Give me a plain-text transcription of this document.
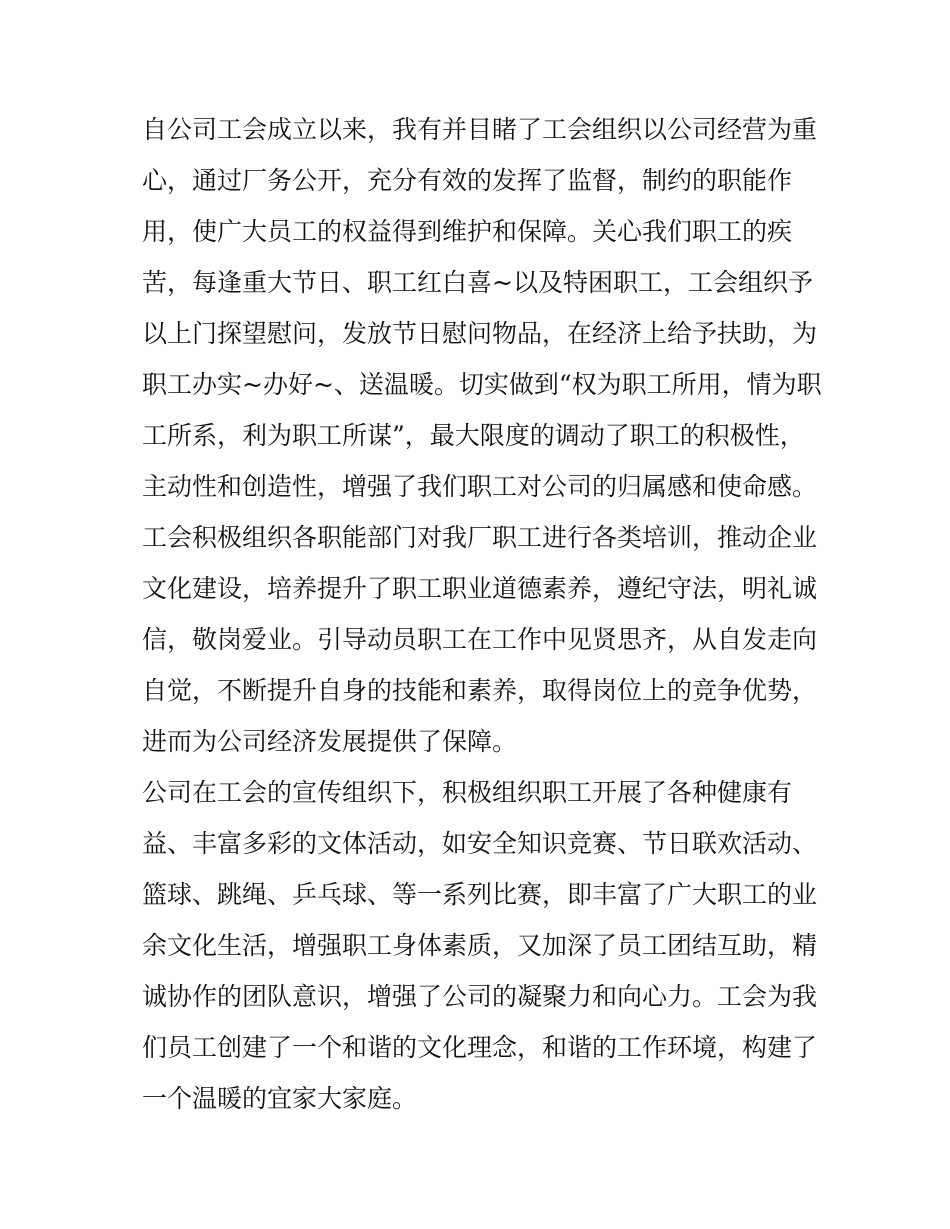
自公司工会成立以来，我有并目睹了工会组织以公司经营为重
心，通过厂务公开，充分有效的发挥了监督，制约的职能作
用，使广大员工的权益得到维护和保障。关心我们职工的疾
苦，每逢重大节日、职工红白喜~以及特困职工，工会组织予
以上门探望慰问，发放节日慰问物品，在经济上给予扶助，为
职工办实~办好~、送温暖。切实做到“权为职工所用，情为职
工所系，利为职工所谋”，最大限度的调动了职工的积极性，
主动性和创造性，增强了我们职工对公司的归属感和使命感。
工会积极组织各职能部门对我厂职工进行各类培训，推动企业
文化建设，培养提升了职工职业道德素养，遵纪守法，明礼诚
信，敬岗爱业。引导动员职工在工作中见贤思齐，从自发走向
自觉，不断提升自身的技能和素养，取得岗位上的竞争优势，
进而为公司经济发展提供了保障。
公司在工会的宣传组织下，积极组织职工开展了各种健康有
益、丰富多彩的文体活动，如安全知识竞赛、节日联欢活动、
篮球、跳绳、乒乓球、等一系列比赛，即丰富了广大职工的业
余文化生活，增强职工身体素质，又加深了员工团结互助，精
诚协作的团队意识，增强了公司的凝聚力和向心力。工会为我
们员工创建了一个和谐的文化理念，和谐的工作环境，构建了
一个温暖的宜家大家庭。
